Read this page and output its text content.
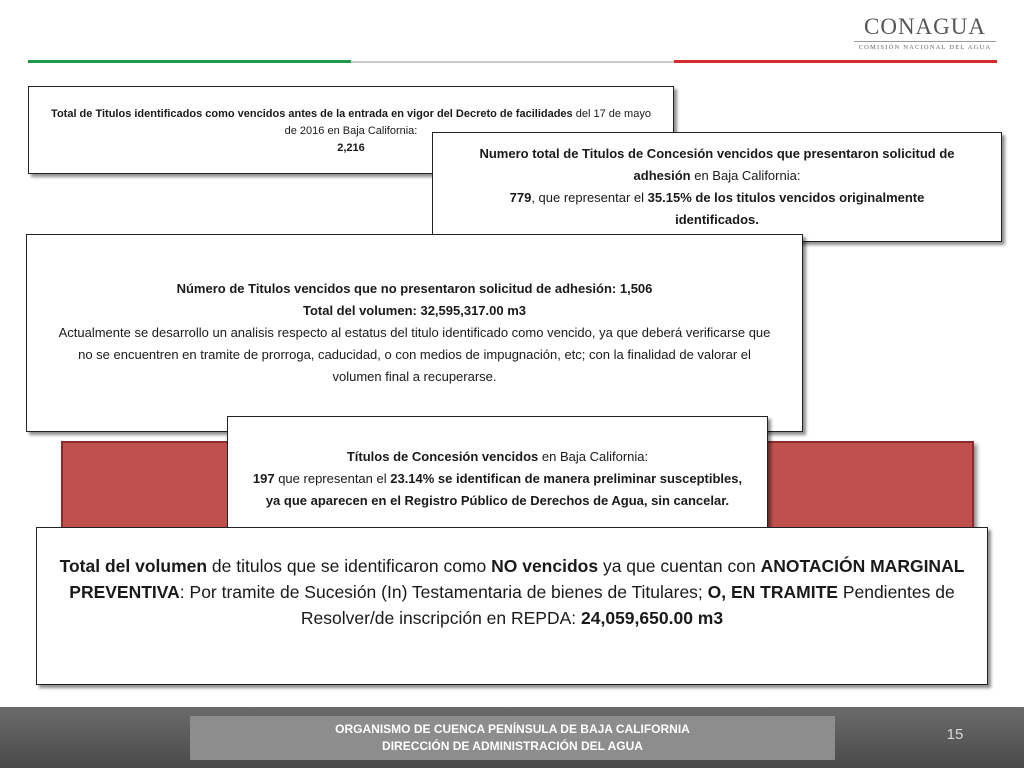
CONAGUA
COMISIÓN NACIONAL DEL AGUA
Total de Titulos identificados como vencidos antes de la entrada en vigor del Decreto de facilidades del 17 de mayo
de 2016 en Baja California:
2,216	Numero total de Titulos de Concesión vencidos que presentaron solicitud de
adhesión en Baja California:
779, que representar el 35.15% de los titulos vencidos originalmente
identificados.
Número de Titulos vencidos que no presentaron solicitud de adhesión: 1,506
Total del volumen: 32,595,317.00 m3
Actualmente se desarrollo un analisis respecto al estatus del titulo identificado como vencido, ya que deberá verificarse que no se encuentren en tramite de prorroga, caducidad, o con medios de impugnación, etc; con la finalidad de valorar el volumen final a recuperarse.
Títulos de Concesión vencidos en Baja California:
197 que representan el 23.14% se identifican de manera preliminar susceptibles,
ya que aparecen en el Registro Público de Derechos de Agua, sin cancelar.
Total del volumen de titulos que se identificaron como NO vencidos ya que cuentan con ANOTACIÓN MARGINAL PREVENTIVA: Por tramite de Sucesión (In) Testamentaria de bienes de Titulares; O, EN TRAMITE Pendientes de Resolver/de inscripción en REPDA: 24,059,650.00 m3
ORGANISMO DE CUENCA PENÍNSULA DE BAJA CALIFORNIA
DIRECCIÓN DE ADMINISTRACIÓN DEL AGUA
15
